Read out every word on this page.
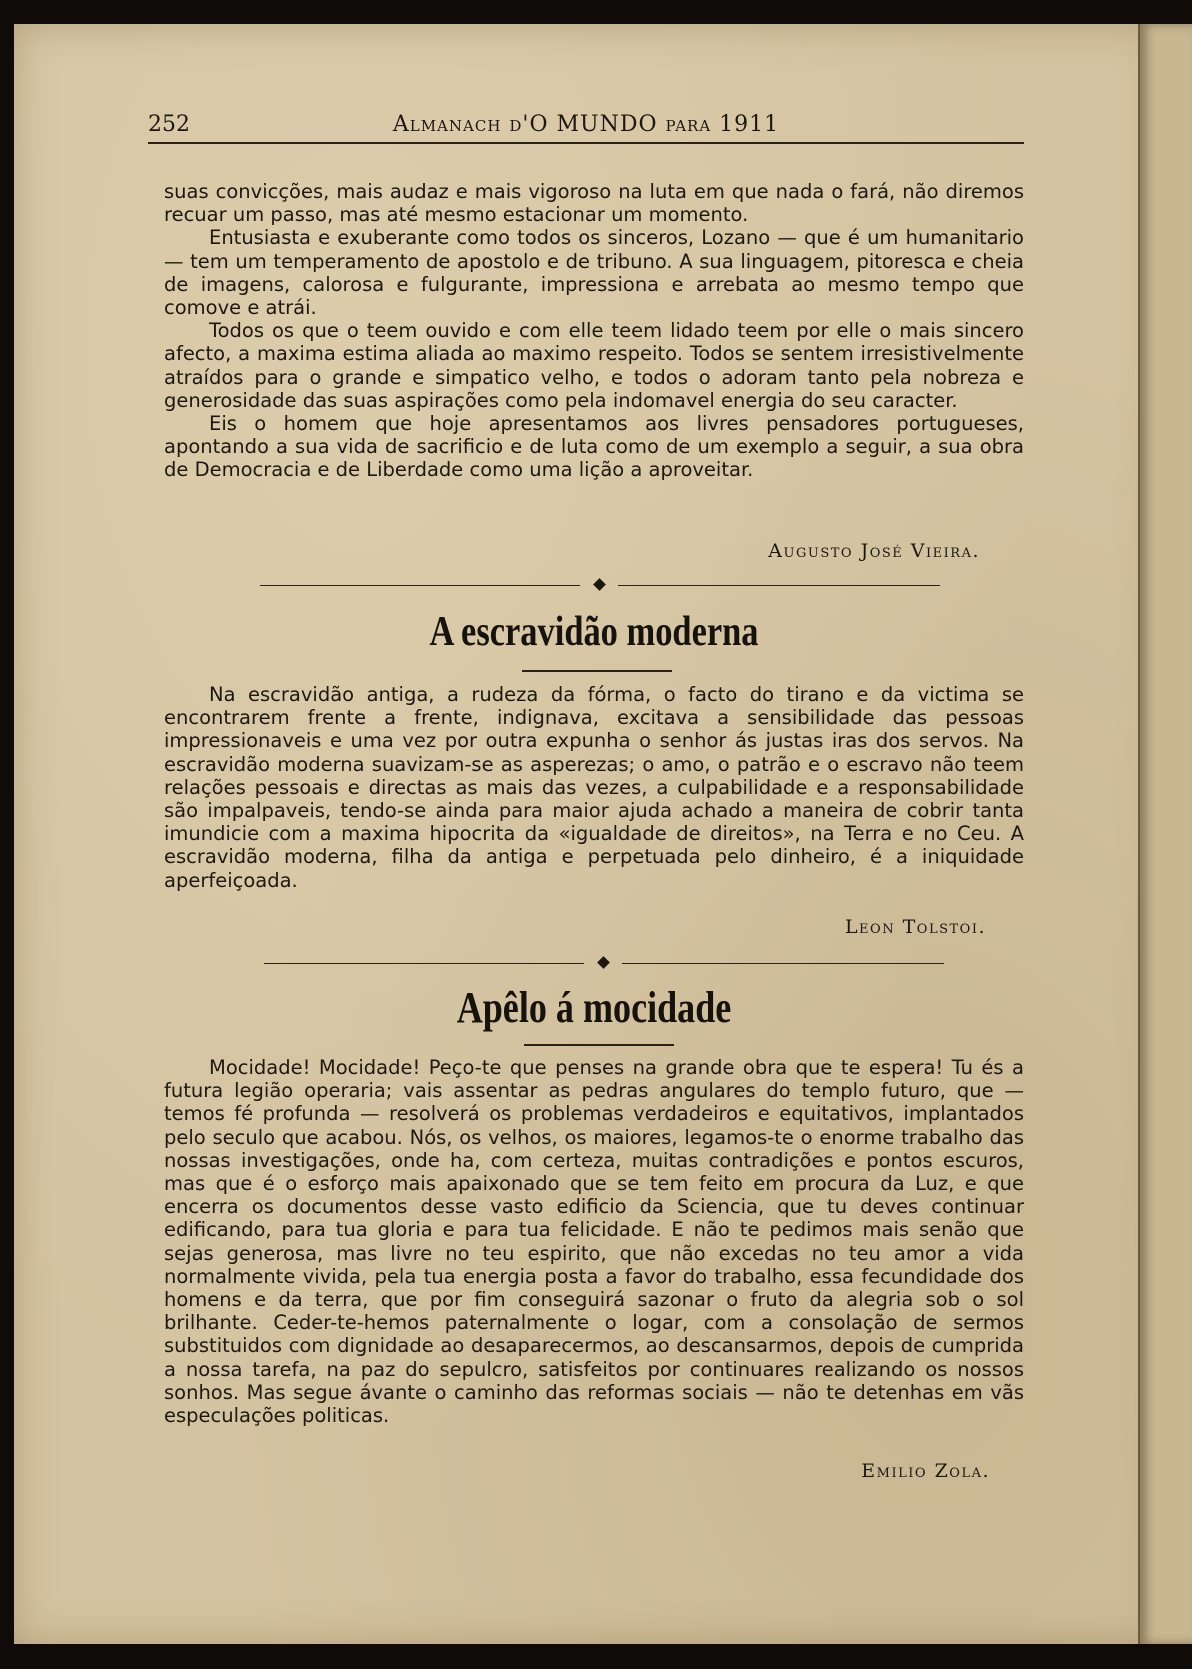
252	Almanach d'O MUNDO para 1911

suas convicções, mais audaz e mais vigoroso na luta em que nada o fará, não diremos recuar um passo, mas até mesmo estacionar um momento.

Entusiasta e exuberante como todos os sinceros, Lozano — que é um humanitario — tem um temperamento de apostolo e de tribuno. A sua linguagem, pitoresca e cheia de imagens, calorosa e fulgurante, impressiona e arrebata ao mesmo tempo que comove e atrái.

Todos os que o teem ouvido e com elle teem lidado teem por elle o mais sincero afecto, a maxima estima aliada ao maximo respeito. Todos se sentem irresistivelmente atraídos para o grande e simpatico velho, e todos o adoram tanto pela nobreza e generosidade das suas aspirações como pela indomavel energia do seu caracter.

Eis o homem que hoje apresentamos aos livres pensadores portugueses, apontando a sua vida de sacrificio e de luta como de um exemplo a seguir, a sua obra de Democracia e de Liberdade como uma lição a aproveitar.

Augusto José Vieira.
A escravidão moderna

Na escravidão antiga, a rudeza da fórma, o facto do tirano e da victima se encontrarem frente a frente, indignava, excitava a sensibilidade das pessoas impressionaveis e uma vez por outra expunha o senhor ás justas iras dos servos. Na escravidão moderna suavizam-se as asperezas; o amo, o patrão e o escravo não teem relações pessoais e directas as mais das vezes, a culpabilidade e a responsabilidade são impalpaveis, tendo-se ainda para maior ajuda achado a maneira de cobrir tanta imundicie com a maxima hipocrita da «igualdade de direitos», na Terra e no Ceu. A escravidão moderna, filha da antiga e perpetuada pelo dinheiro, é a iniquidade aperfeiçoada.

Leon Tolstoi.
Apêlo á mocidade

Mocidade! Mocidade! Peço-te que penses na grande obra que te espera! Tu és a futura legião operaria; vais assentar as pedras angulares do templo futuro, que — temos fé profunda — resolverá os problemas verdadeiros e equitativos, implantados pelo seculo que acabou. Nós, os velhos, os maiores, legamos-te o enorme trabalho das nossas investigações, onde ha, com certeza, muitas contradições e pontos escuros, mas que é o esforço mais apaixonado que se tem feito em procura da Luz, e que encerra os documentos desse vasto edificio da Sciencia, que tu deves continuar edificando, para tua gloria e para tua felicidade. E não te pedimos mais senão que sejas generosa, mas livre no teu espirito, que não excedas no teu amor a vida normalmente vivida, pela tua energia posta a favor do trabalho, essa fecundidade dos homens e da terra, que por fim conseguirá sazonar o fruto da alegria sob o sol brilhante. Ceder-te-hemos paternalmente o logar, com a consolação de sermos substituidos com dignidade ao desaparecermos, ao descansarmos, depois de cumprida a nossa tarefa, na paz do sepulcro, satisfeitos por continuares realizando os nossos sonhos. Mas segue ávante o caminho das reformas sociais — não te detenhas em vãs especulações politicas.

Emilio Zola.
